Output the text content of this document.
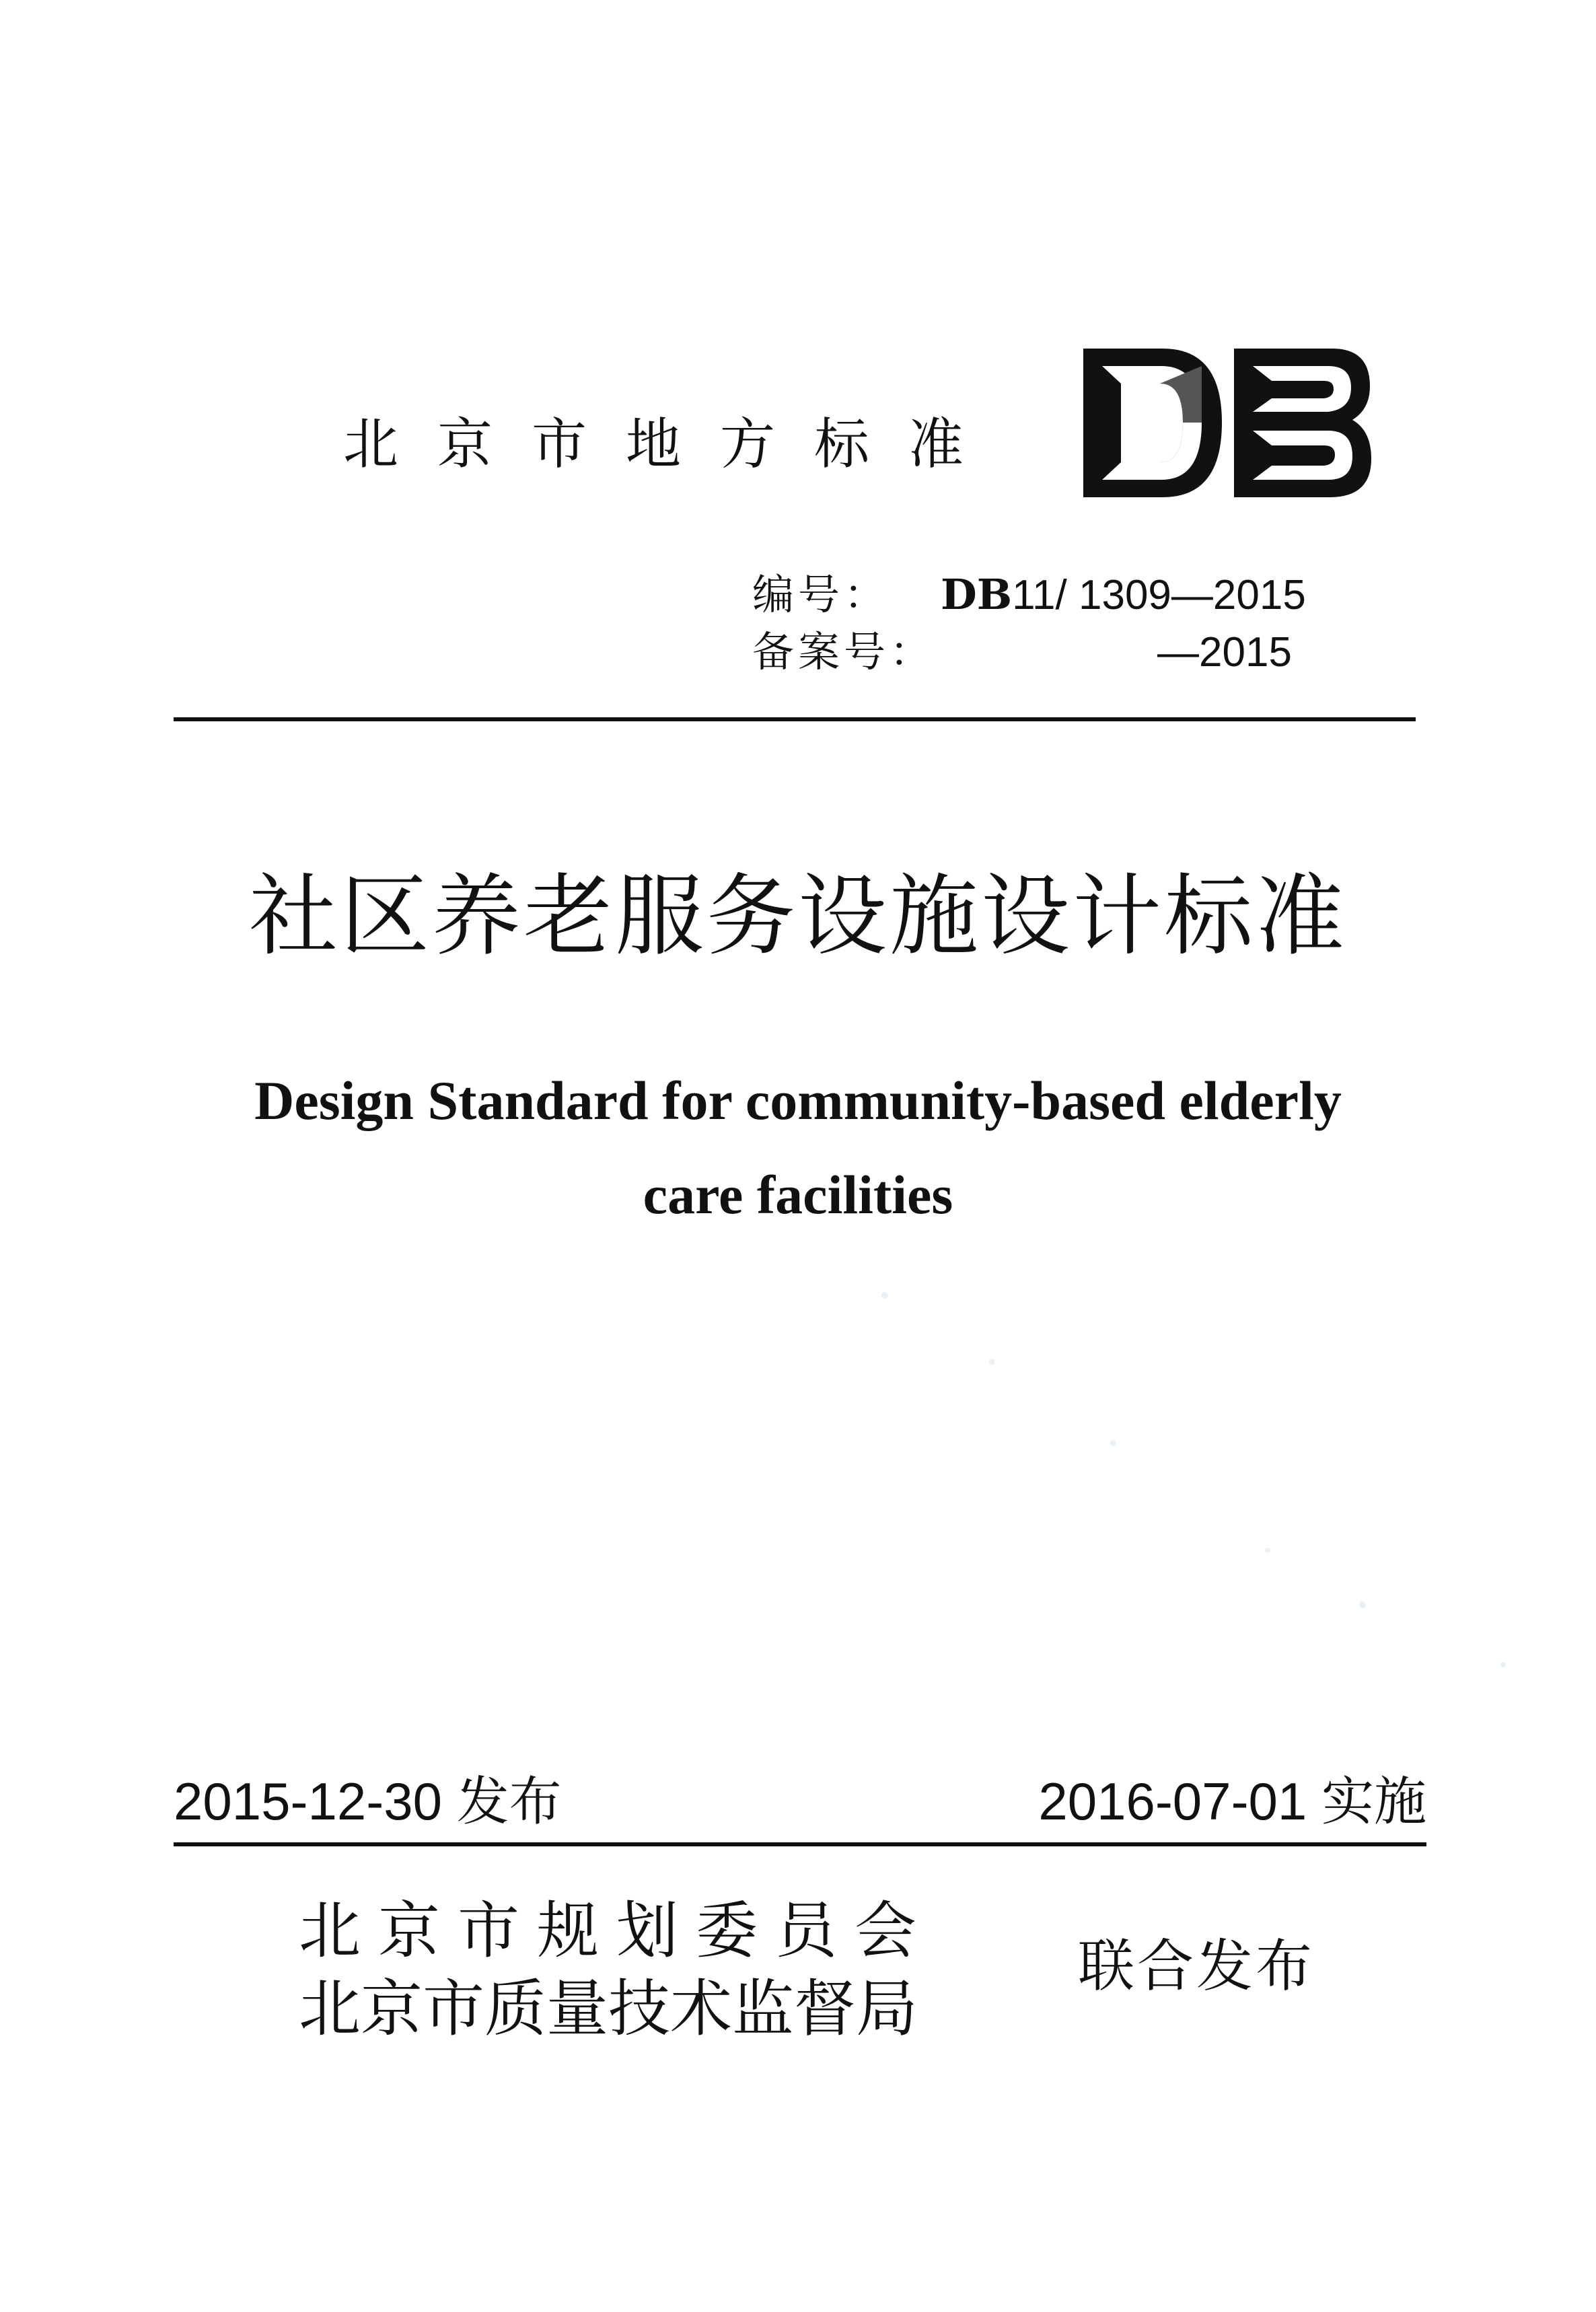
北京市地方标准
编号：	DB11/ 1309—2015
备案号：	—2015
社区养老服务设施设计标准
Design Standard for community-based elderly
care facilities
2015-12-30 发布	2016-07-01 实施
北京市规划委员会
北京市质量技术监督局
联合发布
